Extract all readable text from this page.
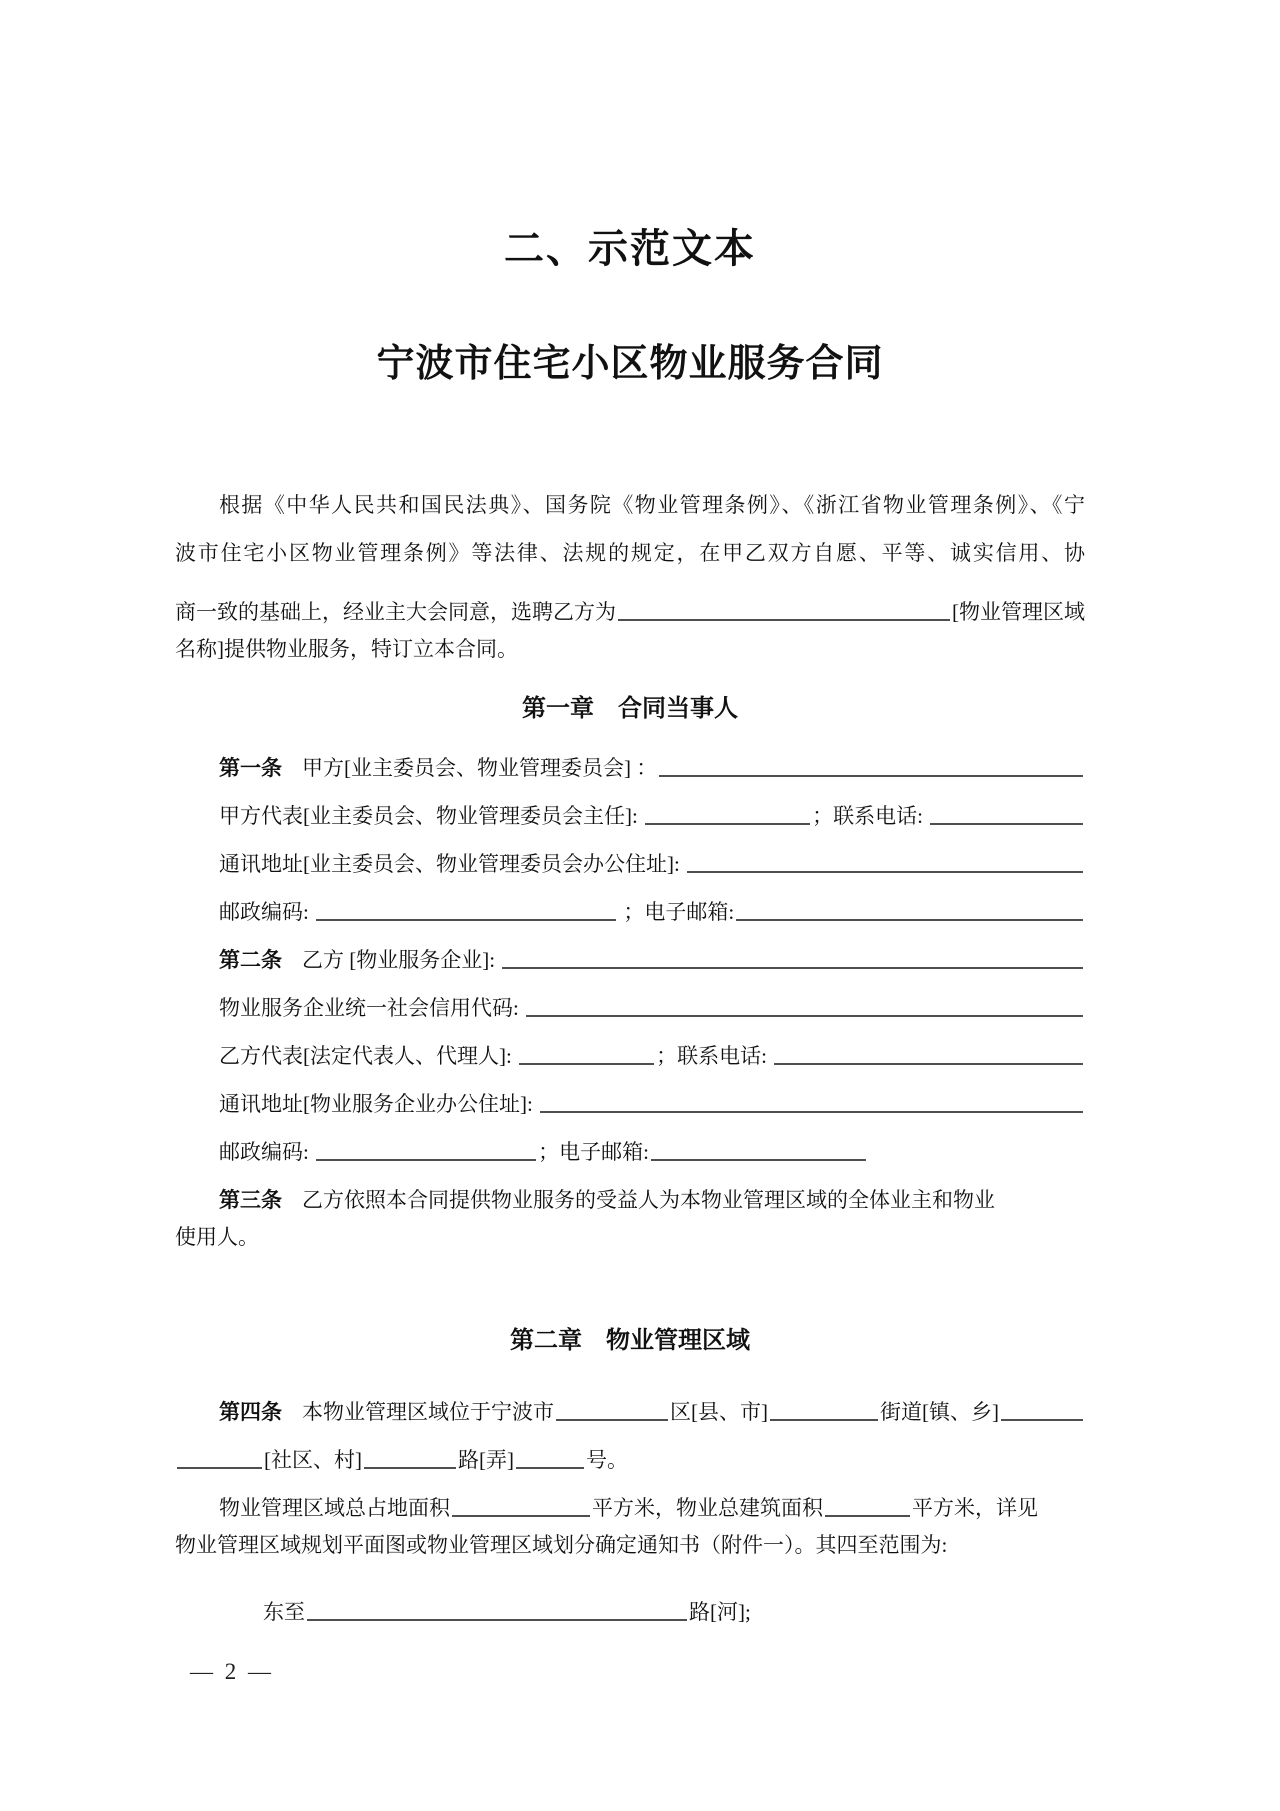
二、示范文本
宁波市住宅小区物业服务合同
根据《中华人民共和国民法典》、国务院《物业管理条例》、《浙江省物业管理条例》、《宁
波市住宅小区物业管理条例》等法律、法规的规定，在甲乙双方自愿、平等、诚实信用、协
商一致的基础上，经业主大会同意，选聘乙方为	[物业管理区域
名称]提供物业服务，特订立本合同。
第一章　合同当事人
第一条 甲方[业主委员会、物业管理委员会] ：
甲方代表[业主委员会、物业管理委员会主任]:	；联系电话:
通讯地址[业主委员会、物业管理委员会办公住址]:
邮政编码:	；电子邮箱:
第二条 乙方 [物业服务企业]:
物业服务企业统一社会信用代码:
乙方代表[法定代表人、代理人]:	；联系电话:
通讯地址[物业服务企业办公住址]:
邮政编码:	；电子邮箱:
第三条 乙方依照本合同提供物业服务的受益人为本物业管理区域的全体业主和物业
使用人。
第二章　物业管理区域
第四条 本物业管理区域位于宁波市	区[县、市]	街道[镇、乡]
[社区、村]	路[弄]	号。
物业管理区域总占地面积	平方米，物业总建筑面积	平方米，详见
物业管理区域规划平面图或物业管理区域划分确定通知书（附件一）。其四至范围为:
东至	路[河];
— 2 —
